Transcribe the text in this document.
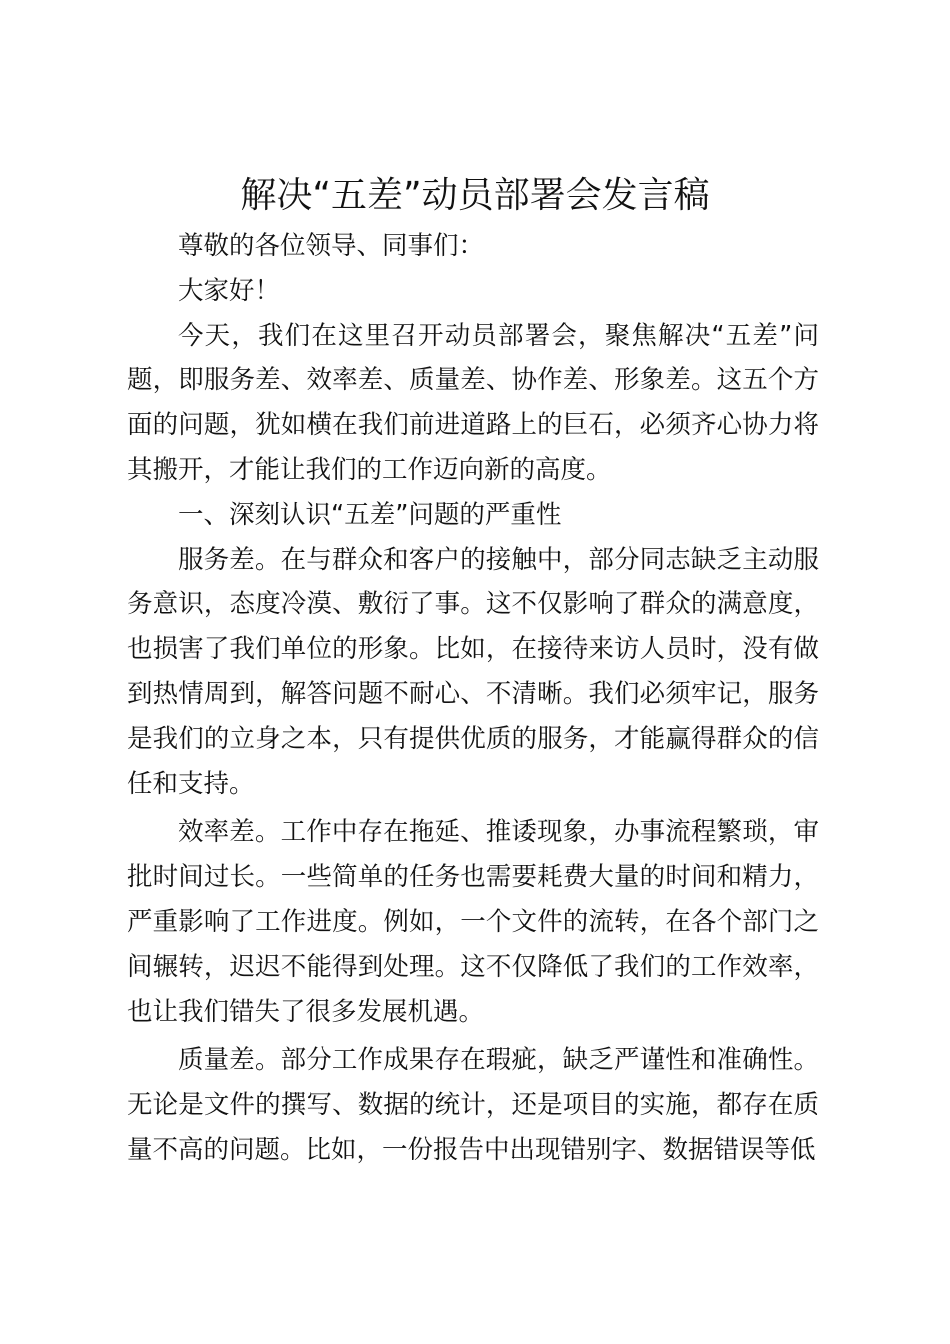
解决“五差”动员部署会发言稿

尊敬的各位领导、同事们：

大家好！

今天，我们在这里召开动员部署会，聚焦解决“五差”问题，即服务差、效率差、质量差、协作差、形象差。这五个方面的问题，犹如横在我们前进道路上的巨石，必须齐心协力将其搬开，才能让我们的工作迈向新的高度。

一、深刻认识“五差”问题的严重性

服务差。在与群众和客户的接触中，部分同志缺乏主动服务意识，态度冷漠、敷衍了事。这不仅影响了群众的满意度，也损害了我们单位的形象。比如，在接待来访人员时，没有做到热情周到，解答问题不耐心、不清晰。我们必须牢记，服务是我们的立身之本，只有提供优质的服务，才能赢得群众的信任和支持。

效率差。工作中存在拖延、推诿现象，办事流程繁琐，审批时间过长。一些简单的任务也需要耗费大量的时间和精力，严重影响了工作进度。例如，一个文件的流转，在各个部门之间辗转，迟迟不能得到处理。这不仅降低了我们的工作效率，也让我们错失了很多发展机遇。

质量差。部分工作成果存在瑕疵，缺乏严谨性和准确性。无论是文件的撰写、数据的统计，还是项目的实施，都存在质量不高的问题。比如，一份报告中出现错别字、数据错误等低
